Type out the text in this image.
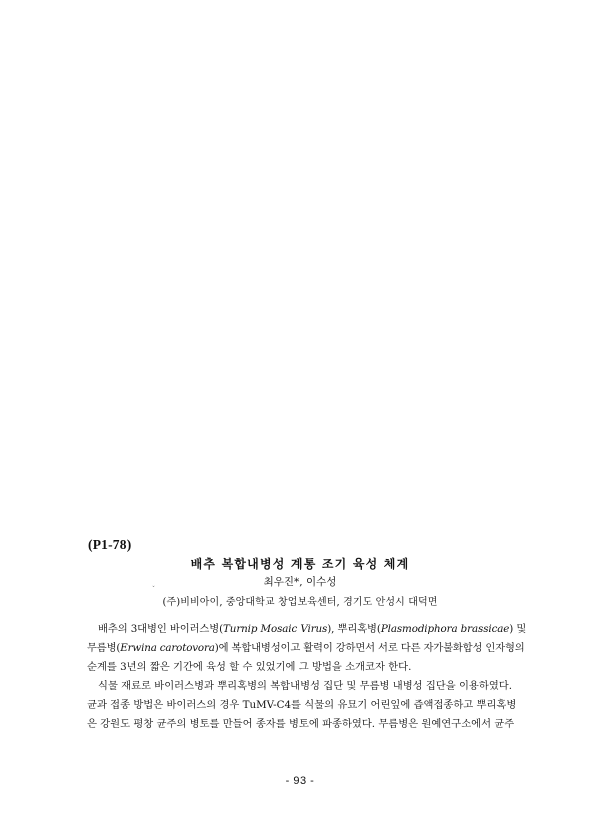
(P1-78)
배추 복합내병성 계통 조기 육성 체계
최우진*, 이수성
ˇ
(주)비비아이, 중앙대학교 창업보육센터, 경기도 안성시 대덕면
배추의 3대병인 바이러스병(Turnip Mosaic Virus), 뿌리혹병(Plasmodiphora brassicae) 및
무름병(Erwina carotovora)에 복합내병성이고 활력이 강하면서 서로 다른 자가불화합성 인자형의
순계를 3년의 짧은 기간에 육성 할 수 있었기에 그 방법을 소개코자 한다.
식물 재료로 바이러스병과 뿌리혹병의 복합내병성 집단 및 무름병 내병성 집단을 이용하였다.
균과 접종 방법은 바이러스의 경우 TuMV-C4를 식물의 유묘기 어린잎에 즙액접종하고 뿌리혹병
은 강원도 평창 균주의 병토를 만들어 종자를 병토에 파종하였다. 무름병은 원예연구소에서 균주
- 93 -
